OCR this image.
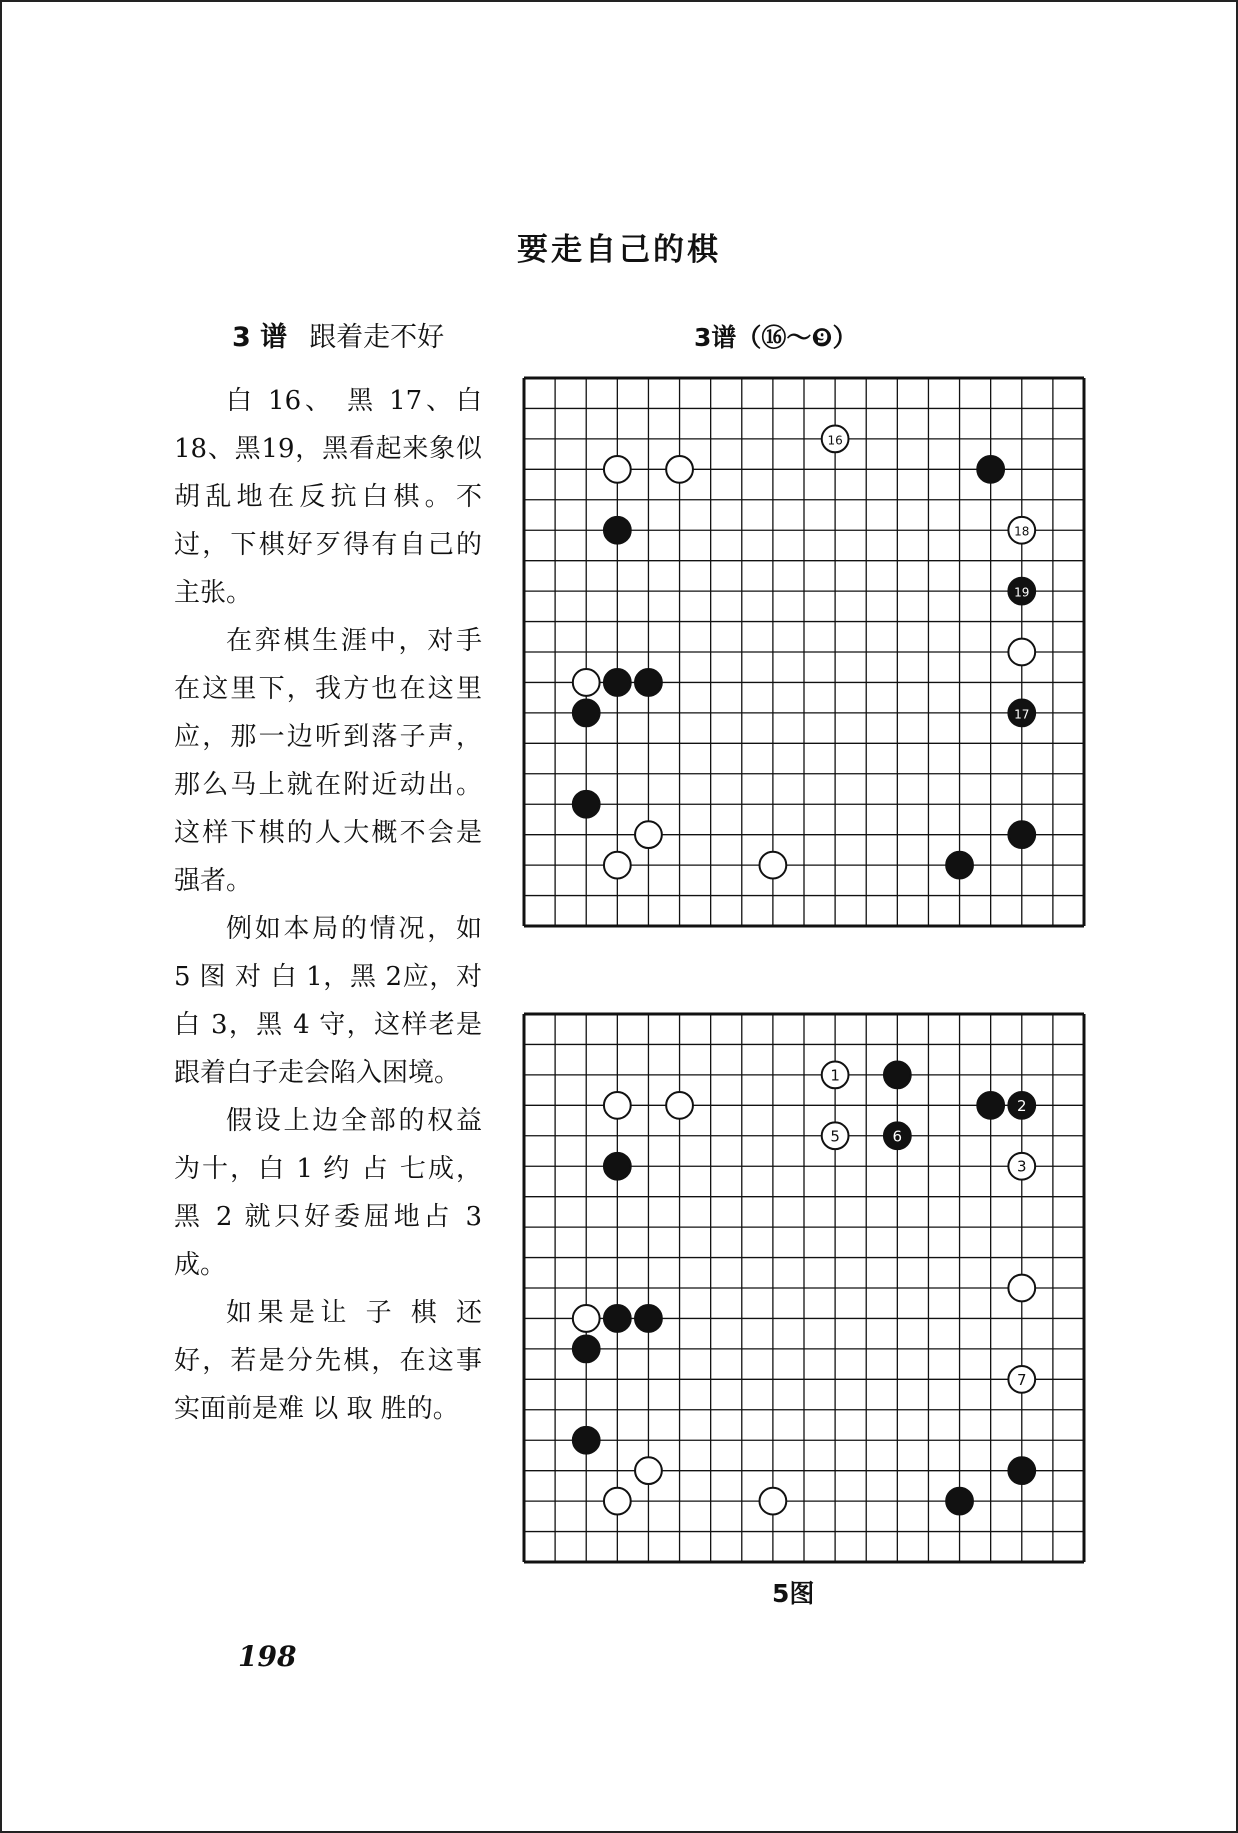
要走自己的棋
3 谱 跟着走不好

白 16、 黑 17、白18、黑19，黑看起来象似胡乱地在反抗白棋。不过，下棋好歹得有自己的主张。

在弈棋生涯中，对手在这里下，我方也在这里应，那一边听到落子声，那么马上就在附近动出。这样下棋的人大概不会是强者。

例如本局的情况，如 5 图 对 白 1，黑 2应，对白 3，黑 4 守，这样老是跟着白子走会陷入困境。

假设上边全部的权益 为十，白 1 约 占 七成，黑 2 就只好委屈地占 3 成。

如果是让 子 棋 还好，若是分先棋，在这事实面前是难 以 取 胜的。

3谱（⑯～❾）
16
18
19
17
1
2
5	6
3
7
5图
198
